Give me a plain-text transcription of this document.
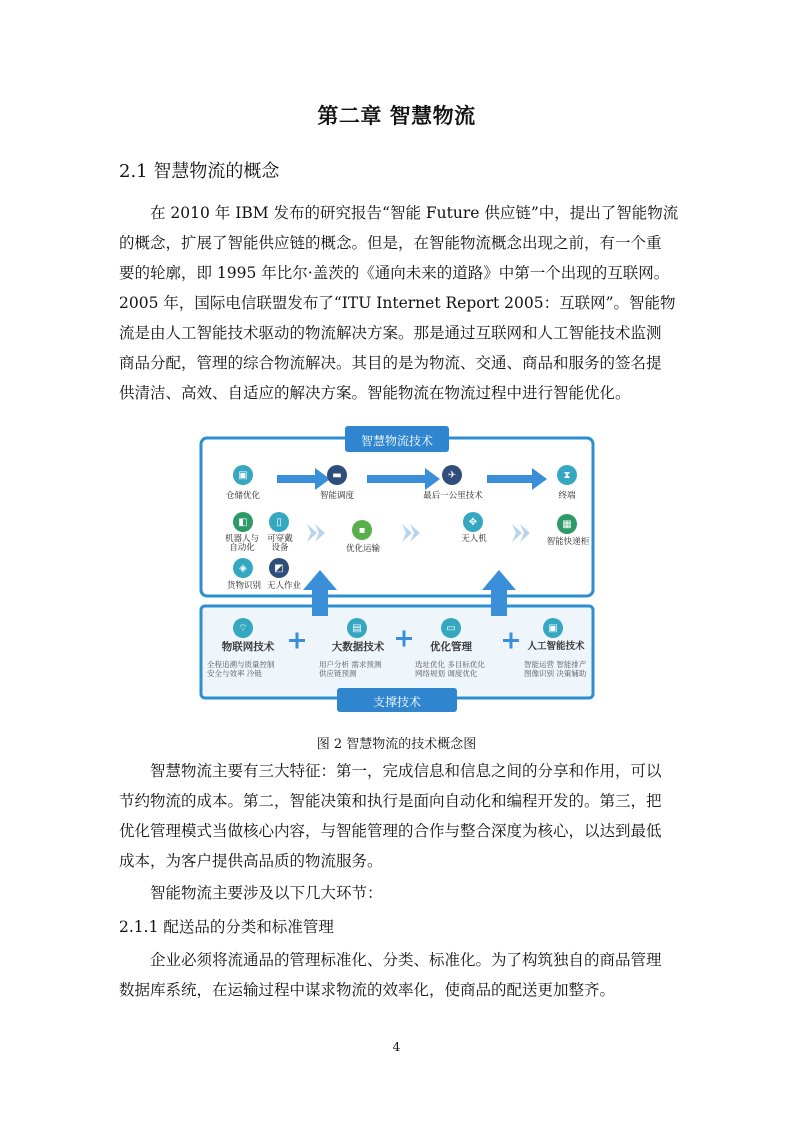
第二章 智慧物流
2.1 智慧物流的概念
在 2010 年 IBM 发布的研究报告“智能 Future 供应链”中，提出了智能物流
的概念，扩展了智能供应链的概念。但是，在智能物流概念出现之前，有一个重
要的轮廓，即 1995 年比尔·盖茨的《通向未来的道路》中第一个出现的互联网。
2005 年，国际电信联盟发布了“ITU Internet Report 2005：互联网”。智能物
流是由人工智能技术驱动的物流解决方案。那是通过互联网和人工智能技术监测
商品分配，管理的综合物流解决。其目的是为物流、交通、商品和服务的签名提
供清洁、高效、自适应的解决方案。智能物流在物流过程中进行智能优化。
智慧物流技术
支撑技术
▣
仓储优化
▬
智能调度
✈
最后一公里技术
⧗
终端
◧
机器人与
自动化
▯
可穿戴
设备
▪
优化运输
✥
无人机
▦
智能快递柜
◈
货物识别
◩
无人作业
⌔
物联网技术
全程追溯与质量控制
安全与效率 冷链
▤
大数据技术
用户分析 需求预测
供应链预测
▭
优化管理
选址优化 多目标优化
网络规划 调度优化
▣
人工智能技术
智能运营 智能排产
图像识别 决策辅助
图 2 智慧物流的技术概念图
智慧物流主要有三大特征：第一，完成信息和信息之间的分享和作用，可以
节约物流的成本。第二，智能决策和执行是面向自动化和编程开发的。第三，把
优化管理模式当做核心内容，与智能管理的合作与整合深度为核心，以达到最低
成本，为客户提供高品质的物流服务。
智能物流主要涉及以下几大环节：
2.1.1 配送品的分类和标准管理
企业必须将流通品的管理标准化、分类、标准化。为了构筑独自的商品管理
数据库系统，在运输过程中谋求物流的效率化，使商品的配送更加整齐。
4
